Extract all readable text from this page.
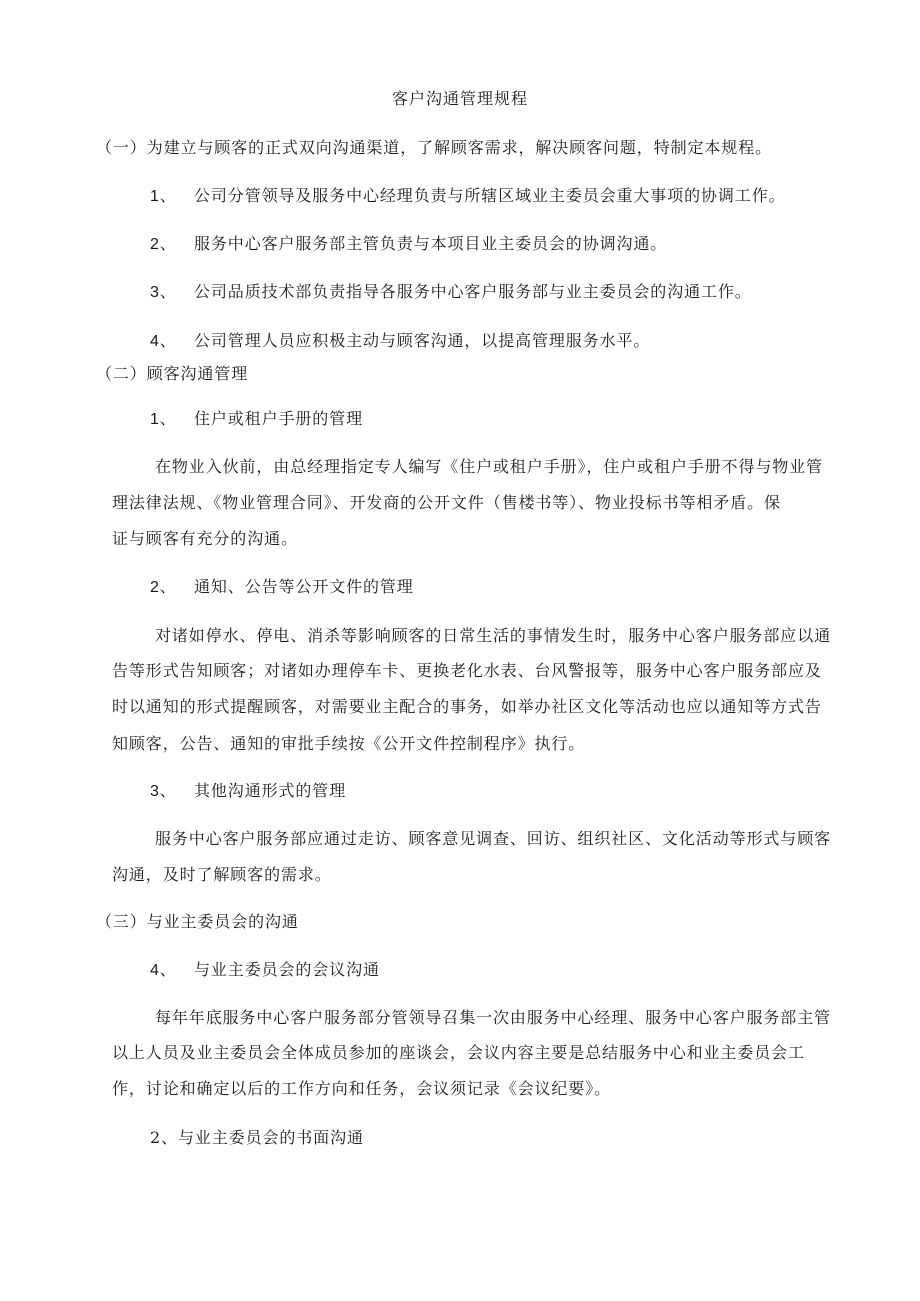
客户沟通管理规程
（一）为建立与顾客的正式双向沟通渠道，了解顾客需求，解决顾客问题，特制定本规程。
1、 公司分管领导及服务中心经理负责与所辖区域业主委员会重大事项的协调工作。
2、 服务中心客户服务部主管负责与本项目业主委员会的协调沟通。
3、 公司品质技术部负责指导各服务中心客户服务部与业主委员会的沟通工作。
4、 公司管理人员应积极主动与顾客沟通，以提高管理服务水平。
（二）顾客沟通管理
1、 住户或租户手册的管理
在物业入伙前，由总经理指定专人编写《住户或租户手册》，住户或租户手册不得与物业管
理法律法规、《物业管理合同》、开发商的公开文件（售楼书等）、物业投标书等相矛盾。保
证与顾客有充分的沟通。
2、 通知、公告等公开文件的管理
对诸如停水、停电、消杀等影响顾客的日常生活的事情发生时，服务中心客户服务部应以通
告等形式告知顾客；对诸如办理停车卡、更换老化水表、台风警报等，服务中心客户服务部应及
时以通知的形式提醒顾客，对需要业主配合的事务，如举办社区文化等活动也应以通知等方式告
知顾客，公告、通知的审批手续按《公开文件控制程序》执行。
3、 其他沟通形式的管理
服务中心客户服务部应通过走访、顾客意见调查、回访、组织社区、文化活动等形式与顾客
沟通，及时了解顾客的需求。
（三）与业主委员会的沟通
4、 与业主委员会的会议沟通
每年年底服务中心客户服务部分管领导召集一次由服务中心经理、服务中心客户服务部主管
以上人员及业主委员会全体成员参加的座谈会，会议内容主要是总结服务中心和业主委员会工
作，讨论和确定以后的工作方向和任务，会议须记录《会议纪要》。
2、与业主委员会的书面沟通
